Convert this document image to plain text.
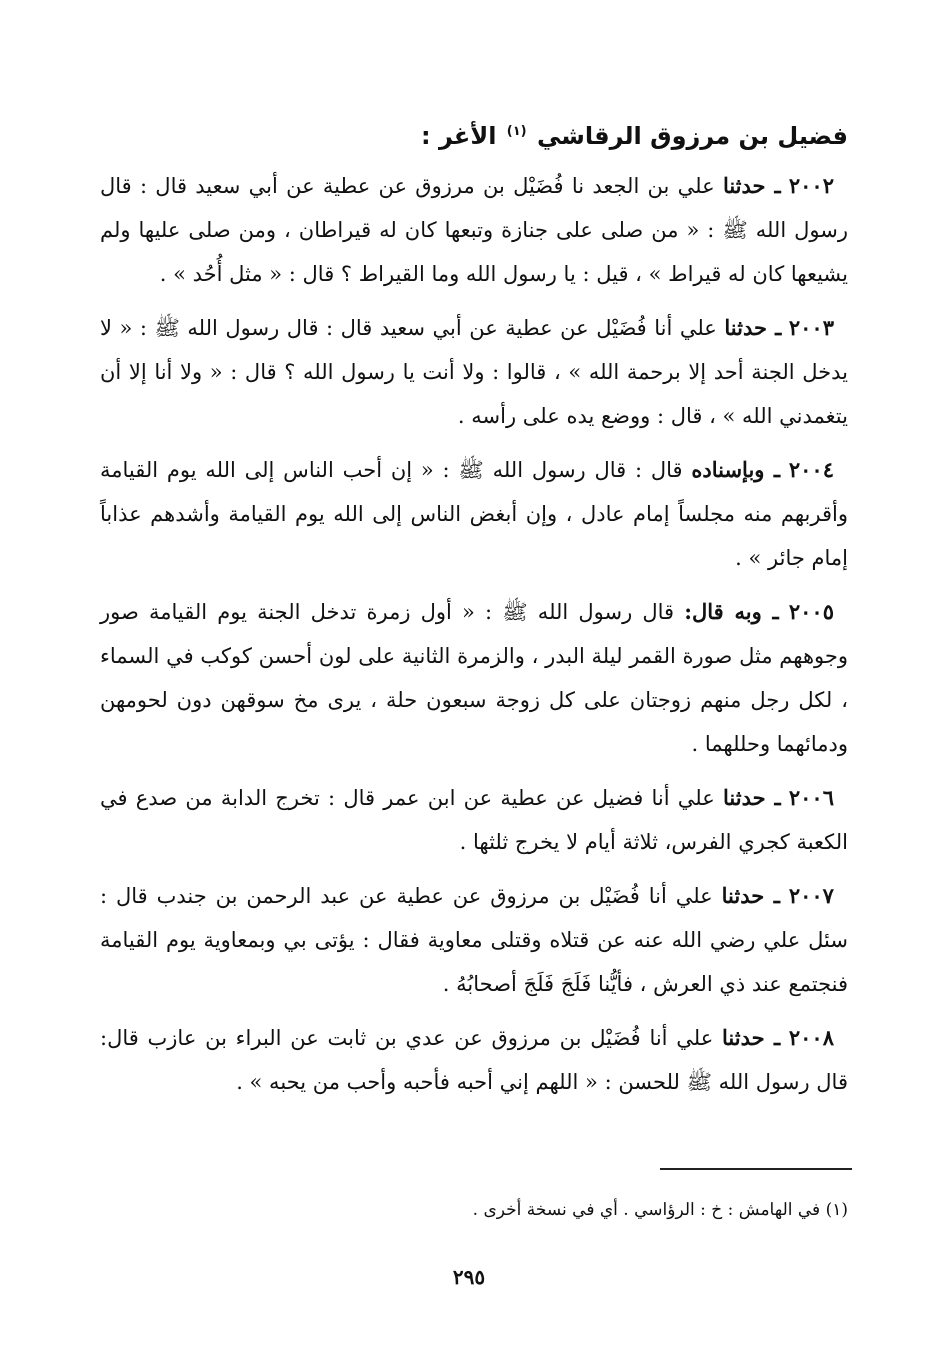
فضيل بن مرزوق الرقاشي $^{(١)}$ الأغر :

٢٠٠٢ ـ حدثنا علي بن الجعد نا فُضَيْل بن مرزوق عن عطية عن أبي سعيد قال : قال رسول الله ﷺ : « من صلى على جنازة وتبعها كان له قيراطان ، ومن صلى عليها ولم يشيعها كان له قيراط » ، قيل : يا رسول الله وما القيراط ؟ قال : « مثل أُحُد » .

٢٠٠٣ ـ حدثنا علي أنا فُضَيْل عن عطية عن أبي سعيد قال : قال رسول الله ﷺ : « لا يدخل الجنة أحد إلا برحمة الله » ، قالوا : ولا أنت يا رسول الله ؟ قال : « ولا أنا إلا أن يتغمدني الله » ، قال : ووضع يده على رأسه .

٢٠٠٤ ـ وبإسناده قال : قال رسول الله ﷺ : « إن أحب الناس إلى الله يوم القيامة وأقربهم منه مجلساً إمام عادل ، وإن أبغض الناس إلى الله يوم القيامة وأشدهم عذاباً إمام جائر » .

٢٠٠٥ ـ وبه قال: قال رسول الله ﷺ : « أول زمرة تدخل الجنة يوم القيامة صور وجوههم مثل صورة القمر ليلة البدر ، والزمرة الثانية على لون أحسن كوكب في السماء ، لكل رجل منهم زوجتان على كل زوجة سبعون حلة ، يرى مخ سوقهن دون لحومهن ودمائهما وحللهما .

٢٠٠٦ ـ حدثنا علي أنا فضيل عن عطية عن ابن عمر قال : تخرج الدابة من صدع في الكعبة كجري الفرس، ثلاثة أيام لا يخرج ثلثها .

٢٠٠٧ ـ حدثنا علي أنا فُضَيْل بن مرزوق عن عطية عن عبد الرحمن بن جندب قال : سئل علي رضي الله عنه عن قتلاه وقتلى معاوية فقال : يؤتى بي وبمعاوية يوم القيامة فنجتمع عند ذي العرش ، فأيُّنا فَلَجَ فَلَجَ أصحابُهُ .

٢٠٠٨ ـ حدثنا علي أنا فُضَيْل بن مرزوق عن عدي بن ثابت عن البراء بن عازب قال: قال رسول الله ﷺ للحسن : « اللهم إني أحبه فأحبه وأحب من يحبه » .

(١) في الهامش : خ : الرؤاسي . أي في نسخة أخرى .
٢٩٥
